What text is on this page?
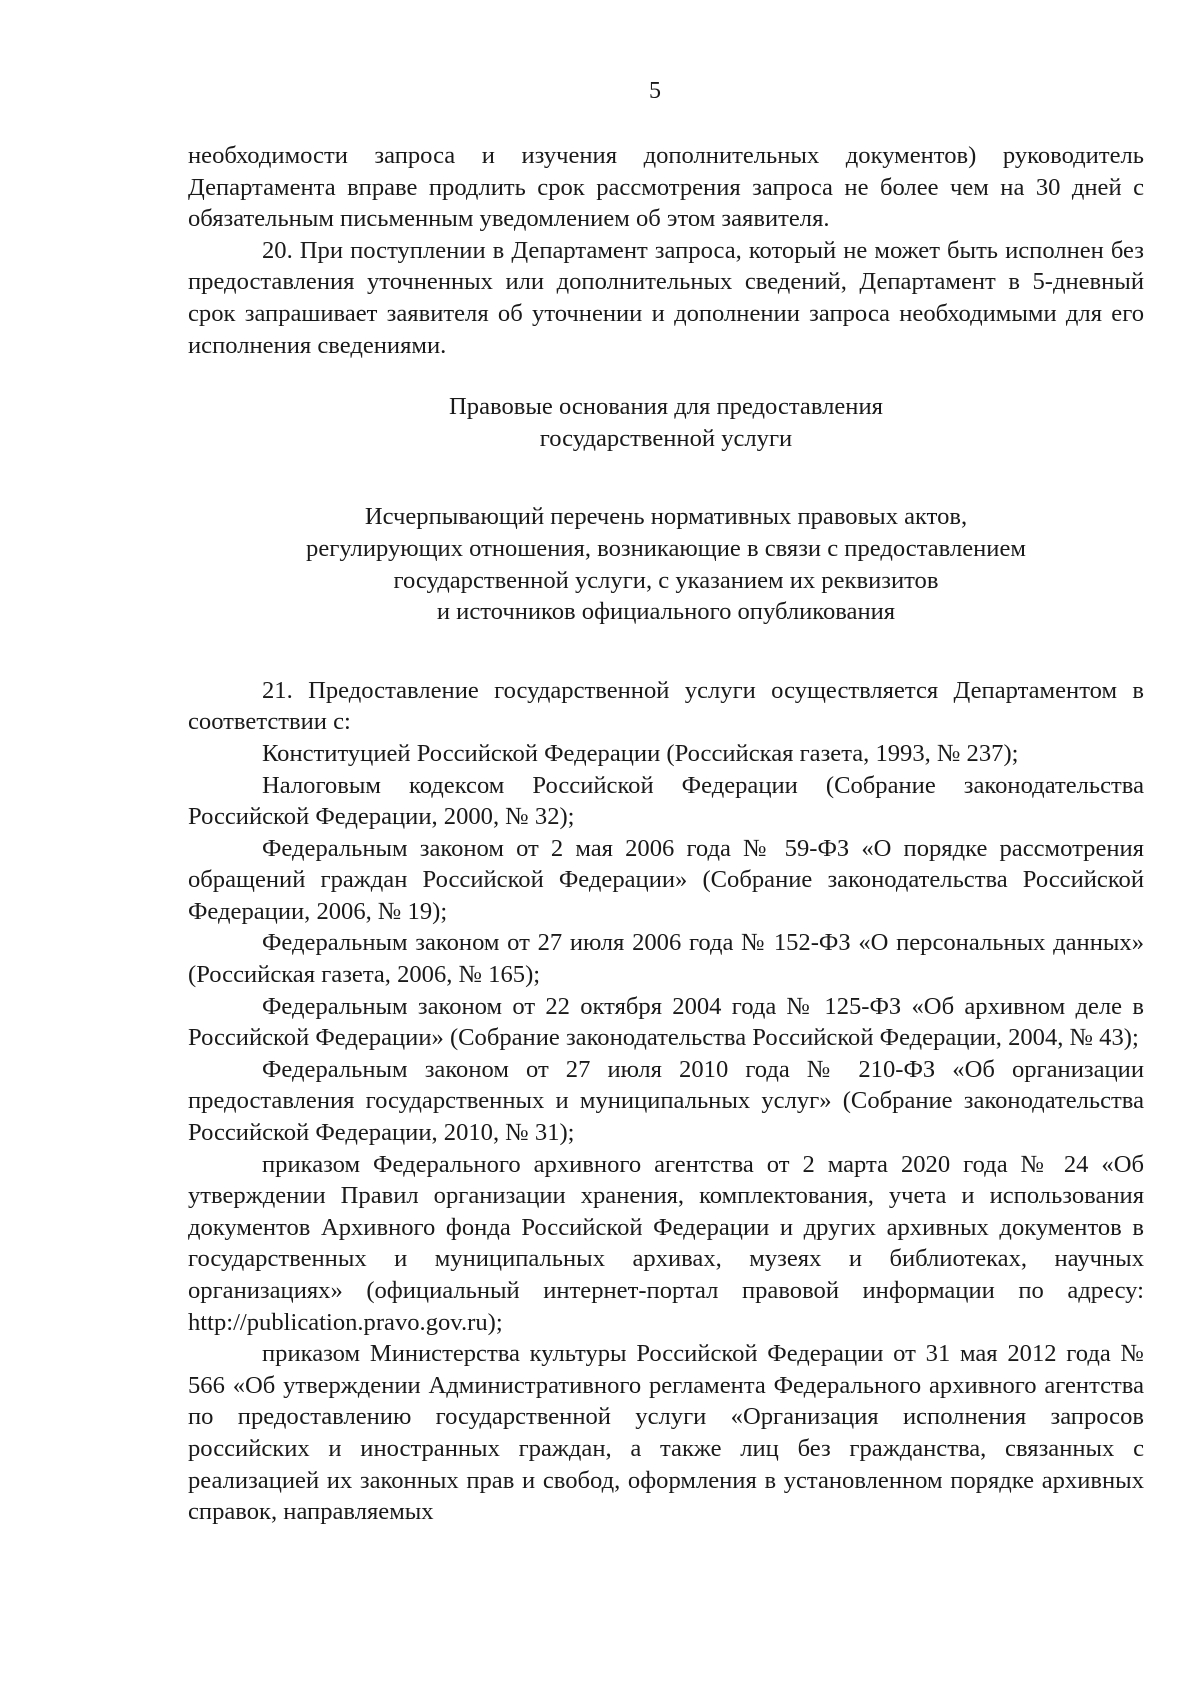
5

необходимости запроса и изучения дополнительных документов) руководитель Департамента вправе продлить срок рассмотрения запроса не более чем на 30 дней с обязательным письменным уведомлением об этом заявителя.

20. При поступлении в Департамент запроса, который не может быть исполнен без предоставления уточненных или дополнительных сведений, Департамент в 5-дневный срок запрашивает заявителя об уточнении и дополнении запроса необходимыми для его исполнения сведениями.

Правовые основания для предоставления

государственной услуги

Исчерпывающий перечень нормативных правовых актов,

регулирующих отношения, возникающие в связи с предоставлением

государственной услуги, с указанием их реквизитов

и источников официального опубликования

21. Предоставление государственной услуги осуществляется Департаментом в соответствии с:

Конституцией Российской Федерации (Российская газета, 1993, № 237);

Налоговым кодексом Российской Федерации (Собрание законодательства Российской Федерации, 2000, № 32);

Федеральным законом от 2 мая 2006 года № 59-ФЗ «О порядке рассмотрения обращений граждан Российской Федерации» (Собрание законодательства Российской Федерации, 2006, № 19);

Федеральным законом от 27 июля 2006 года № 152-ФЗ «О персональных данных» (Российская газета, 2006, № 165);

Федеральным законом от 22 октября 2004 года № 125-ФЗ «Об архивном деле в Российской Федерации» (Собрание законодательства Российской Федерации, 2004, № 43);

Федеральным законом от 27 июля 2010 года № 210-ФЗ «Об организации предоставления государственных и муниципальных услуг» (Собрание законодательства Российской Федерации, 2010, № 31);

приказом Федерального архивного агентства от 2 марта 2020 года № 24 «Об утверждении Правил организации хранения, комплектования, учета и использования документов Архивного фонда Российской Федерации и других архивных документов в государственных и муниципальных архивах, музеях и библиотеках, научных организациях» (официальный интернет-портал правовой информации по адресу: http://publication.pravo.gov.ru);

приказом Министерства культуры Российской Федерации от 31 мая 2012 года № 566 «Об утверждении Административного регламента Федерального архивного агентства по предоставлению государственной услуги «Организация исполнения запросов российских и иностранных граждан, а также лиц без гражданства, связанных с реализацией их законных прав и свобод, оформления в установленном порядке архивных справок, направляемых
